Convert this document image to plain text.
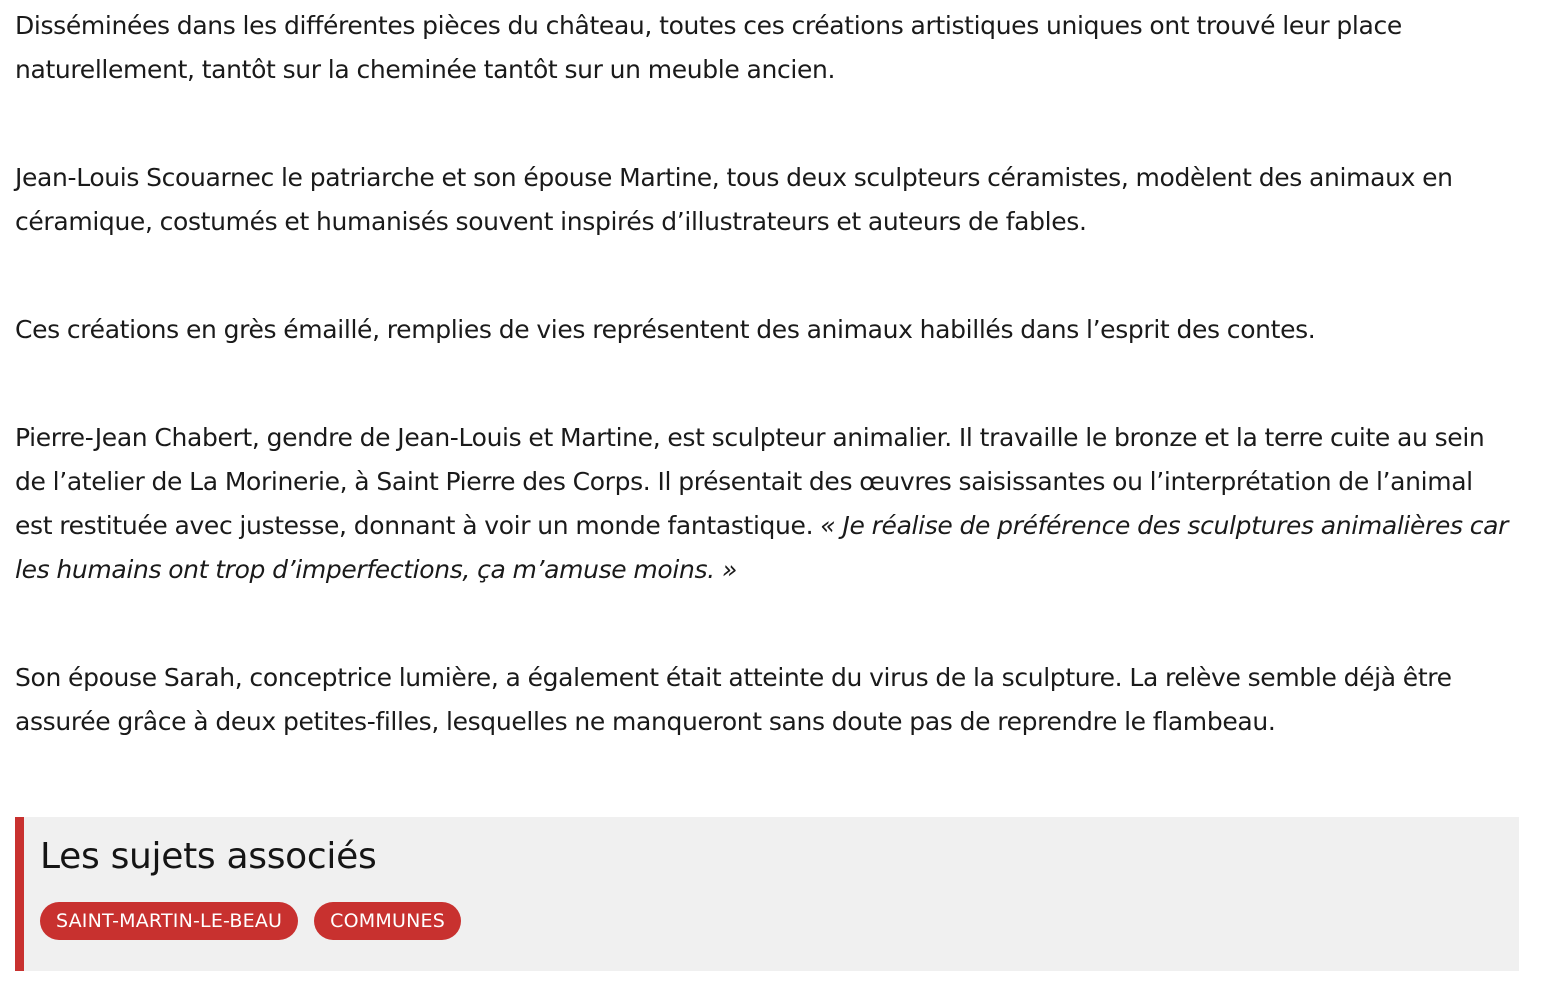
Disséminées dans les différentes pièces du château, toutes ces créations artistiques uniques ont trouvé leur place naturellement, tantôt sur la cheminée tantôt sur un meuble ancien.

Jean-Louis Scouarnec le patriarche et son épouse Martine, tous deux sculpteurs céramistes, modèlent des animaux en céramique, costumés et humanisés souvent inspirés d’illustrateurs et auteurs de fables.

Ces créations en grès émaillé, remplies de vies représentent des animaux habillés dans l’esprit des contes.

Pierre-Jean Chabert, gendre de Jean-Louis et Martine, est sculpteur animalier. Il travaille le bronze et la terre cuite au sein de l’atelier de La Morinerie, à Saint Pierre des Corps. Il présentait des œuvres saisissantes ou l’interprétation de l’animal est restituée avec justesse, donnant à voir un monde fantastique. « Je réalise de préférence des sculptures animalières car les humains ont trop d’imperfections, ça m’amuse moins. »

Son épouse Sarah, conceptrice lumière, a également était atteinte du virus de la sculpture. La relève semble déjà être assurée grâce à deux petites-filles, lesquelles ne manqueront sans doute pas de reprendre le flambeau.

Les sujets associés
SAINT-MARTIN-LE-BEAU	COMMUNES
